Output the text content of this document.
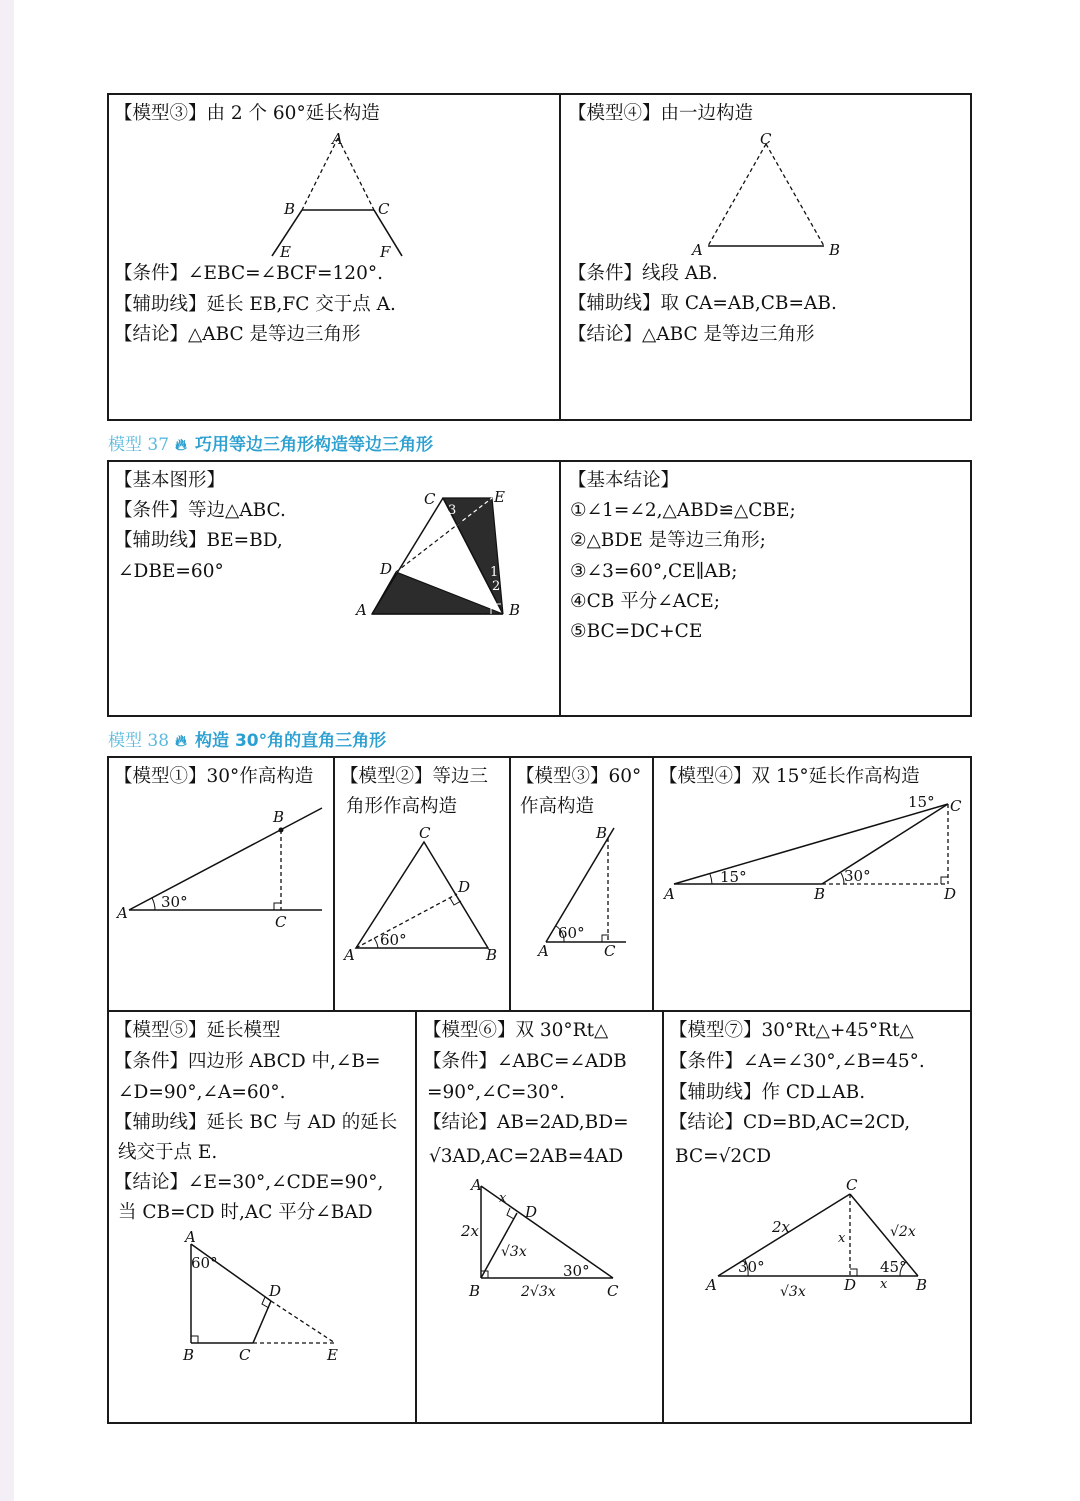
【模型③】由 2 个 60°延长构造
A
B	C
E	F
【条件】∠EBC=∠BCF=120°.
【辅助线】延长 EB,FC 交于点 A.
【结论】△ABC 是等边三角形
【模型④】由一边构造
C
A	B
【条件】线段 AB.
【辅助线】取 CA=AB,CB=AB.
【结论】△ABC 是等边三角形
模型 37 🔥︎ 巧用等边三角形构造等边三角形
【基本图形】
【条件】等边△ABC.
【辅助线】BE=BD,
∠DBE=60°
C	E
3
1
2
D
A	B
【基本结论】
①∠1=∠2,△ABD≌△CBE;
②△BDE 是等边三角形;
③∠3=60°,CE∥AB;
④CB 平分∠ACE;
⑤BC=DC+CE
模型 38 🔥︎ 构造 30°角的直角三角形
【模型①】30°作高构造
B
A
30°
C
【模型②】等边三
角形作高构造
C
D
A
60°
B
【模型③】60°
作高构造
B
60°
A	C
【模型④】双 15°延长作高构造
15° C
15°	30°
A	B	D
【模型⑤】延长模型
【条件】四边形 ABCD 中,∠B=
∠D=90°,∠A=60°.
【辅助线】延长 BC 与 AD 的延长
线交于点 E.
【结论】∠E=30°,∠CDE=90°,
当 CB=CD 时,AC 平分∠BAD
A
60°
D
B	C	E
【模型⑥】双 30°Rt△
【条件】∠ABC=∠ADB
=90°,∠C=30°.
【结论】AB=2AD,BD=
√3AD,AC=2AB=4AD
A
x
D
2x
√3x
30°
B	2√3x	C
【模型⑦】30°Rt△+45°Rt△
【条件】∠A=∠30°,∠B=45°.
【辅助线】作 CD⊥AB.
【结论】CD=BD,AC=2CD,
BC=√2CD
C
2x	√2x
x
30°	45°
A	√3x	D x B
